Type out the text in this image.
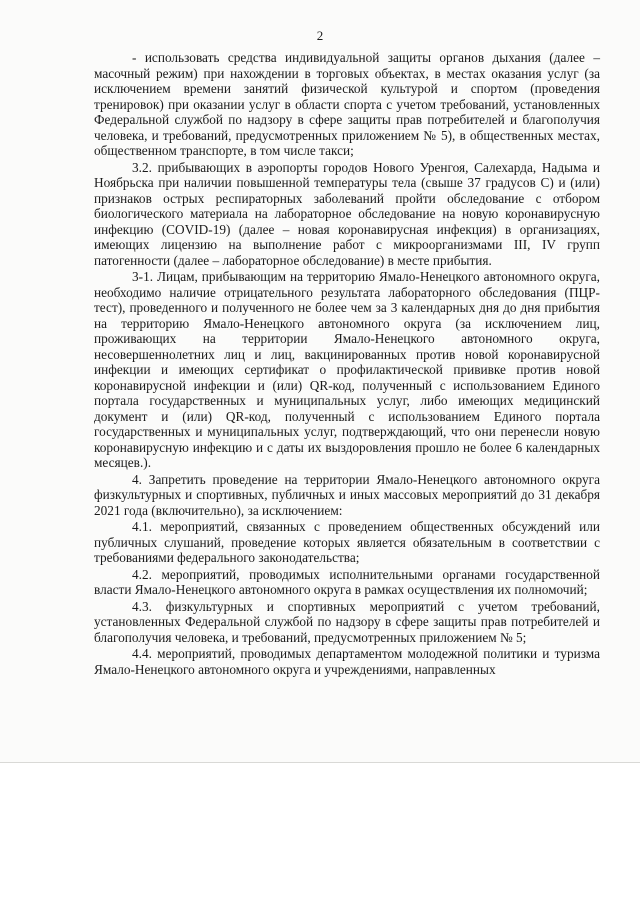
2

- использовать средства индивидуальной защиты органов дыхания (далее – масочный режим) при нахождении в торговых объектах, в местах оказания услуг (за исключением времени занятий физической культурой и спортом (проведения тренировок) при оказании услуг в области спорта с учетом требований, установленных Федеральной службой по надзору в сфере защиты прав потребителей и благополучия человека, и требований, предусмотренных приложением № 5), в общественных местах, общественном транспорте, в том числе такси;

3.2. прибывающих в аэропорты городов Нового Уренгоя, Салехарда, Надыма и Ноябрьска при наличии повышенной температуры тела (свыше 37 градусов С) и (или) признаков острых респираторных заболеваний пройти обследование с отбором биологического материала на лабораторное обследование на новую коронавирусную инфекцию (COVID-19) (далее – новая коронавирусная инфекция) в организациях, имеющих лицензию на выполнение работ с микроорганизмами III, IV групп патогенности (далее – лабораторное обследование) в месте прибытия.

3-1. Лицам, прибывающим на территорию Ямало-Ненецкого автономного округа, необходимо наличие отрицательного результата лабораторного обследования (ПЦР-тест), проведенного и полученного не более чем за 3 календарных дня до дня прибытия на территорию Ямало-Ненецкого автономного округа (за исключением лиц, проживающих на территории Ямало-Ненецкого автономного округа, несовершеннолетних лиц и лиц, вакцинированных против новой коронавирусной инфекции и имеющих сертификат о профилактической прививке против новой коронавирусной инфекции и (или) QR-код, полученный с использованием Единого портала государственных и муниципальных услуг, либо имеющих медицинский документ и (или) QR-код, полученный с использованием Единого портала государственных и муниципальных услуг, подтверждающий, что они перенесли новую коронавирусную инфекцию и с даты их выздоровления прошло не более 6 календарных месяцев.).

4. Запретить проведение на территории Ямало-Ненецкого автономного округа физкультурных и спортивных, публичных и иных массовых мероприятий до 31 декабря 2021 года (включительно), за исключением:

4.1. мероприятий, связанных с проведением общественных обсуждений или публичных слушаний, проведение которых является обязательным в соответствии с требованиями федерального законодательства;

4.2. мероприятий, проводимых исполнительными органами государственной власти Ямало-Ненецкого автономного округа в рамках осуществления их полномочий;

4.3. физкультурных и спортивных мероприятий с учетом требований, установленных Федеральной службой по надзору в сфере защиты прав потребителей и благополучия человека, и требований, предусмотренных приложением № 5;

4.4. мероприятий, проводимых департаментом молодежной политики и туризма Ямало-Ненецкого автономного округа и учреждениями, направленных
